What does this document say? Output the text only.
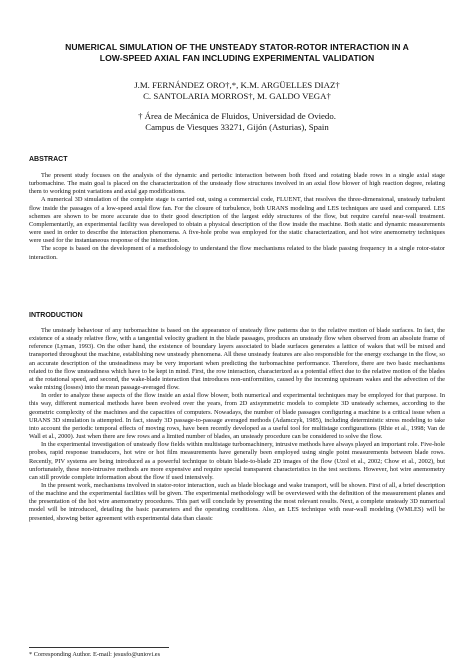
NUMERICAL SIMULATION OF THE UNSTEADY STATOR-ROTOR INTERACTION IN A
LOW-SPEED AXIAL FAN INCLUDING EXPERIMENTAL VALIDATION
J.M. FERNÁNDEZ ORO†,*, K.M. ARGÜELLES DIAZ†
C. SANTOLARIA MORROS†, M. GALDO VEGA†
† Área de Mecánica de Fluidos, Universidad de Oviedo.
Campus de Viesques 33271, Gijón (Asturias), Spain
ABSTRACT

The present study focuses on the analysis of the dynamic and periodic interaction between both fixed and rotating blade rows in a single axial stage turbomachine. The main goal is placed on the characterization of the unsteady flow structures involved in an axial flow blower of high reaction degree, relating them to working point variations and axial gap modifications.

A numerical 3D simulation of the complete stage is carried out, using a commercial code, FLUENT, that resolves the three-dimensional, unsteady turbulent flow inside the passages of a low-speed axial flow fan. For the closure of turbulence, both URANS modeling and LES techniques are used and compared. LES schemes are shown to be more accurate due to their good description of the largest eddy structures of the flow, but require careful near-wall treatment. Complementarily, an experimental facility was developed to obtain a physical description of the flow inside the machine. Both static and dynamic measurements were used in order to describe the interaction phenomena. A five-hole probe was employed for the static characterization, and hot wire anemometry techniques were used for the instantaneous response of the interaction.

The scope is based on the development of a methodology to understand the flow mechanisms related to the blade passing frequency in a single rotor-stator interaction.

INTRODUCTION

The unsteady behaviour of any turbomachine is based on the appearance of unsteady flow patterns due to the relative motion of blade surfaces. In fact, the existence of a steady relative flow, with a tangential velocity gradient in the blade passages, produces an unsteady flow when observed from an absolute frame of reference (Lyman, 1993). On the other hand, the existence of boundary layers associated to blade surfaces generates a lattice of wakes that will be mixed and transported throughout the machine, establishing new unsteady phenomena. All these unsteady features are also responsible for the energy exchange in the flow, so an accurate description of the unsteadiness may be very important when predicting the turbomachine performance. Therefore, there are two basic mechanisms related to the flow unsteadiness which have to be kept in mind. First, the row interaction, characterized as a potential effect due to the relative motion of the blades at the rotational speed, and second, the wake-blade interaction that introduces non-uniformities, caused by the incoming upstream wakes and the advection of the wake mixing (losses) into the mean passage-averaged flow.

In order to analyze these aspects of the flow inside an axial flow blower, both numerical and experimental techniques may be employed for that purpose. In this way, different numerical methods have been evolved over the years, from 2D axisymmetric models to complete 3D unsteady schemes, according to the geometric complexity of the machines and the capacities of computers. Nowadays, the number of blade passages configuring a machine is a critical issue when a URANS 3D simulation is attempted. In fact, steady 3D passage-to-passage averaged methods (Adamczyk, 1985), including deterministic stress modeling to take into account the periodic temporal effects of moving rows, have been recently developed as a useful tool for multistage configurations (Rhie et al., 1998; Van de Wall et al., 2000). Just when there are few rows and a limited number of blades, an unsteady procedure can be considered to solve the flow.

In the experimental investigation of unsteady flow fields within multistage turbomachinery, intrusive methods have always played an important role. Five-hole probes, rapid response transducers, hot wire or hot film measurements have generally been employed using single point measurements between blade rows. Recently, PIV systems are being introduced as a powerful technique to obtain blade-to-blade 2D images of the flow (Uzol et al., 2002; Chow et al., 2002), but unfortunately, these non-intrusive methods are more expensive and require special transparent characteristics in the test sections. However, hot wire anemometry can still provide complete information about the flow if used intensively.

In the present work, mechanisms involved in stator-rotor interaction, such as blade blockage and wake transport, will be shown. First of all, a brief description of the machine and the experimental facilities will be given. The experimental methodology will be overviewed with the definition of the measurement planes and the presentation of the hot wire anemometry procedures. This part will conclude by presenting the most relevant results. Next, a complete unsteady 3D numerical model will be introduced, detailing the basic parameters and the operating conditions. Also, an LES technique with near-wall modeling (WMLES) will be presented, showing better agreement with experimental data than classic

* Corresponding Author. E-mail: jesusfo@uniovi.es
